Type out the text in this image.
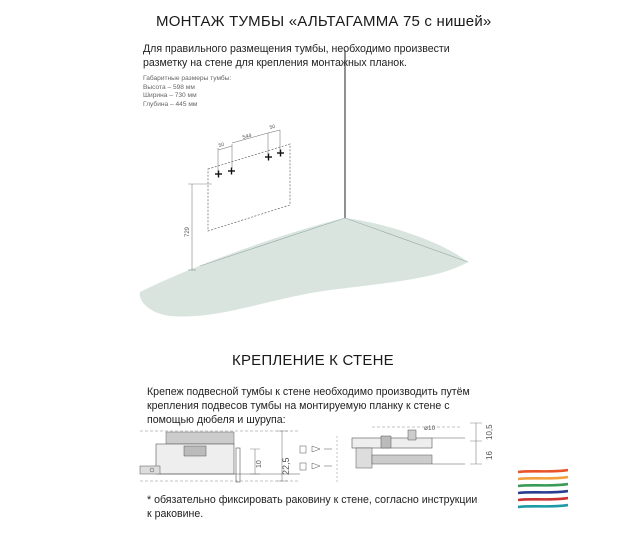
МОНТАЖ ТУМБЫ «АЛЬТАГАММА 75 с нишей»
Для правильного размещения тумбы, необходимо произвести
разметку на стене для крепления монтажных планок.
Габаритные размеры тумбы:
Высота – 598 мм
Ширина – 730 мм
Глубина – 445 мм
50
544
50
729
КРЕПЛЕНИЕ К СТЕНЕ
Крепеж подвесной тумбы к стене необходимо производить путём
крепления подвесов тумбы на монтируемую планку к стене с
помощью дюбеля и шурупа:
10 22,5
ø10	10,5
16
* обязательно фиксировать раковину к стене, согласно инструкции
к раковине.
